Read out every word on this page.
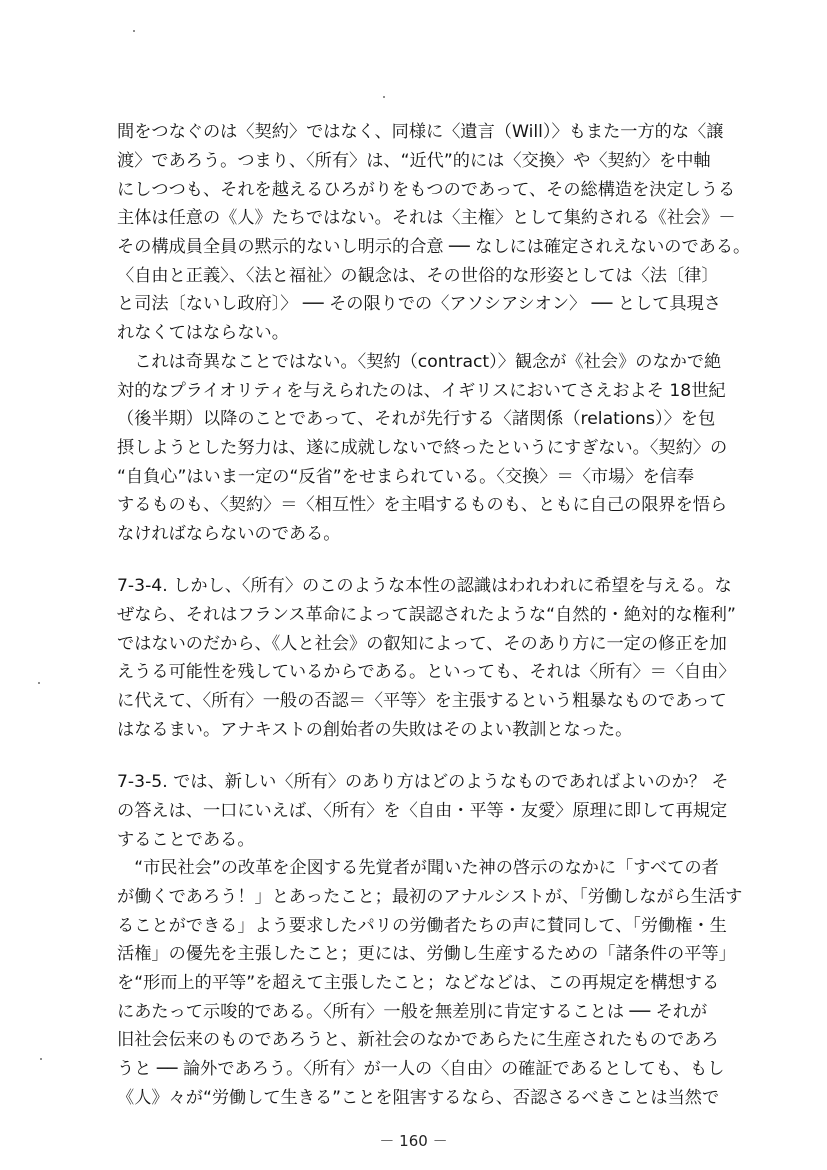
間をつなぐのは〈契約〉ではなく、同様に〈遺言（Will）〉もまた一方的な〈譲
渡〉であろう。つまり、〈所有〉は、“近代”的には〈交換〉や〈契約〉を中軸
にしつつも、それを越えるひろがりをもつのであって、その総構造を決定しうる
主体は任意の《人》たちではない。それは〈主権〉として集約される《社会》－
その構成員全員の黙示的ないし明示的合意 ── なしには確定されえないのである。
〈自由と正義〉、〈法と福祉〉の観念は、その世俗的な形姿としては〈法〔律〕
と司法〔ないし政府〕〉 ── その限りでの〈アソシアシオン〉 ── として具現さ
れなくてはならない。
　これは奇異なことではない。〈契約（contract）〉観念が《社会》のなかで絶
対的なプライオリティを与えられたのは、イギリスにおいてさえおよそ 18世紀
（後半期）以降のことであって、それが先行する〈諸関係（relations）〉を包
摂しようとした努力は、遂に成就しないで終ったというにすぎない。〈契約〉の
“自負心”はいま一定の“反省”をせまられている。〈交換〉＝〈市場〉を信奉
するものも、〈契約〉＝〈相互性〉を主唱するものも、ともに自己の限界を悟ら
なければならないのである。
7-3-4. しかし、〈所有〉のこのような本性の認識はわれわれに希望を与える。な
ぜなら、それはフランス革命によって誤認されたような“自然的・絶対的な権利”
ではないのだから、《人と社会》の叡知によって、そのあり方に一定の修正を加
えうる可能性を残しているからである。といっても、それは〈所有〉＝〈自由〉
に代えて、〈所有〉一般の否認＝〈平等〉を主張するという粗暴なものであって
はなるまい。アナキストの創始者の失敗はそのよい教訓となった。
7-3-5. では、新しい〈所有〉のあり方はどのようなものであればよいのか？ そ
の答えは、一口にいえば、〈所有〉を〈自由・平等・友愛〉原理に即して再規定
することである。
　“市民社会”の改革を企図する先覚者が聞いた神の啓示のなかに「すべての者
が働くであろう！」とあったこと；最初のアナルシストが、「労働しながら生活す
ることができる」よう要求したパリの労働者たちの声に賛同して、「労働権・生
活権」の優先を主張したこと；更には、労働し生産するための「諸条件の平等」
を“形而上的平等”を超えて主張したこと；などなどは、この再規定を構想する
にあたって示唆的である。〈所有〉一般を無差別に肯定することは ── それが
旧社会伝来のものであろうと、新社会のなかであらたに生産されたものであろ
うと ── 論外であろう。〈所有〉が一人の〈自由〉の確証であるとしても、もし
《人》々が“労働して生きる”ことを阻害するなら、否認さるべきことは当然で
－ 160 －
